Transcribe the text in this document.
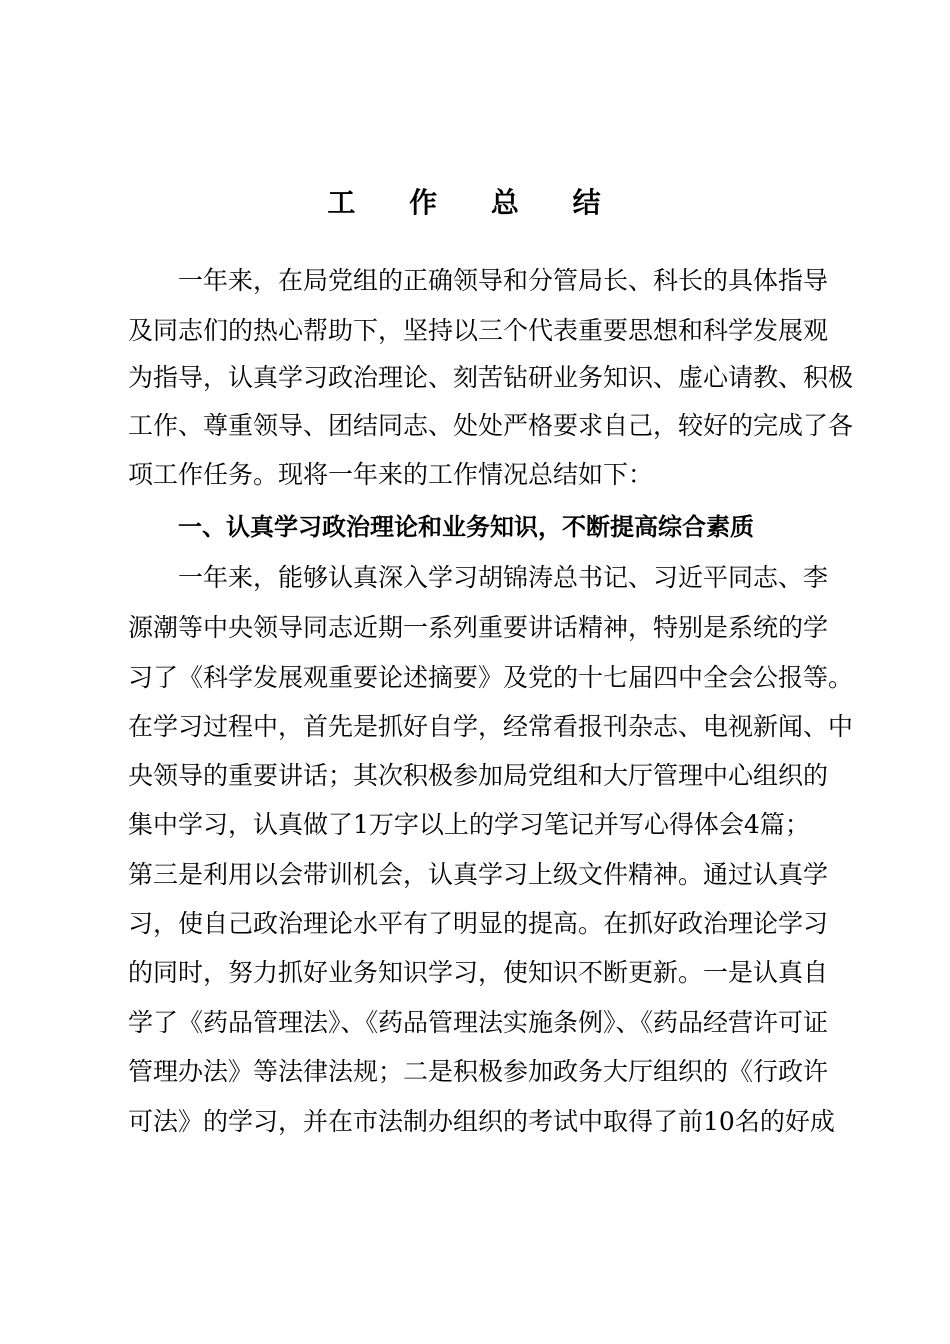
工 作 总 结
一年来，在局党组的正确领导和分管局长、科长的具体指导
及同志们的热心帮助下，坚持以三个代表重要思想和科学发展观
为指导，认真学习政治理论、刻苦钻研业务知识、虚心请教、积极
工作、尊重领导、团结同志、处处严格要求自己，较好的完成了各
项工作任务。现将一年来的工作情况总结如下：
一、认真学习政治理论和业务知识，不断提高综合素质
一年来，能够认真深入学习胡锦涛总书记、习近平同志、李
源潮等中央领导同志近期一系列重要讲话精神，特别是系统的学
习了《科学发展观重要论述摘要》及党的十七届四中全会公报等。
在学习过程中，首先是抓好自学，经常看报刊杂志、电视新闻、中
央领导的重要讲话；其次积极参加局党组和大厅管理中心组织的
集中学习，认真做了1万字以上的学习笔记并写心得体会4篇；
第三是利用以会带训机会，认真学习上级文件精神。通过认真学
习，使自己政治理论水平有了明显的提高。在抓好政治理论学习
的同时，努力抓好业务知识学习，使知识不断更新。一是认真自
学了《药品管理法》、《药品管理法实施条例》、《药品经营许可证
管理办法》等法律法规；二是积极参加政务大厅组织的《行政许
可法》的学习，并在市法制办组织的考试中取得了前10名的好成
